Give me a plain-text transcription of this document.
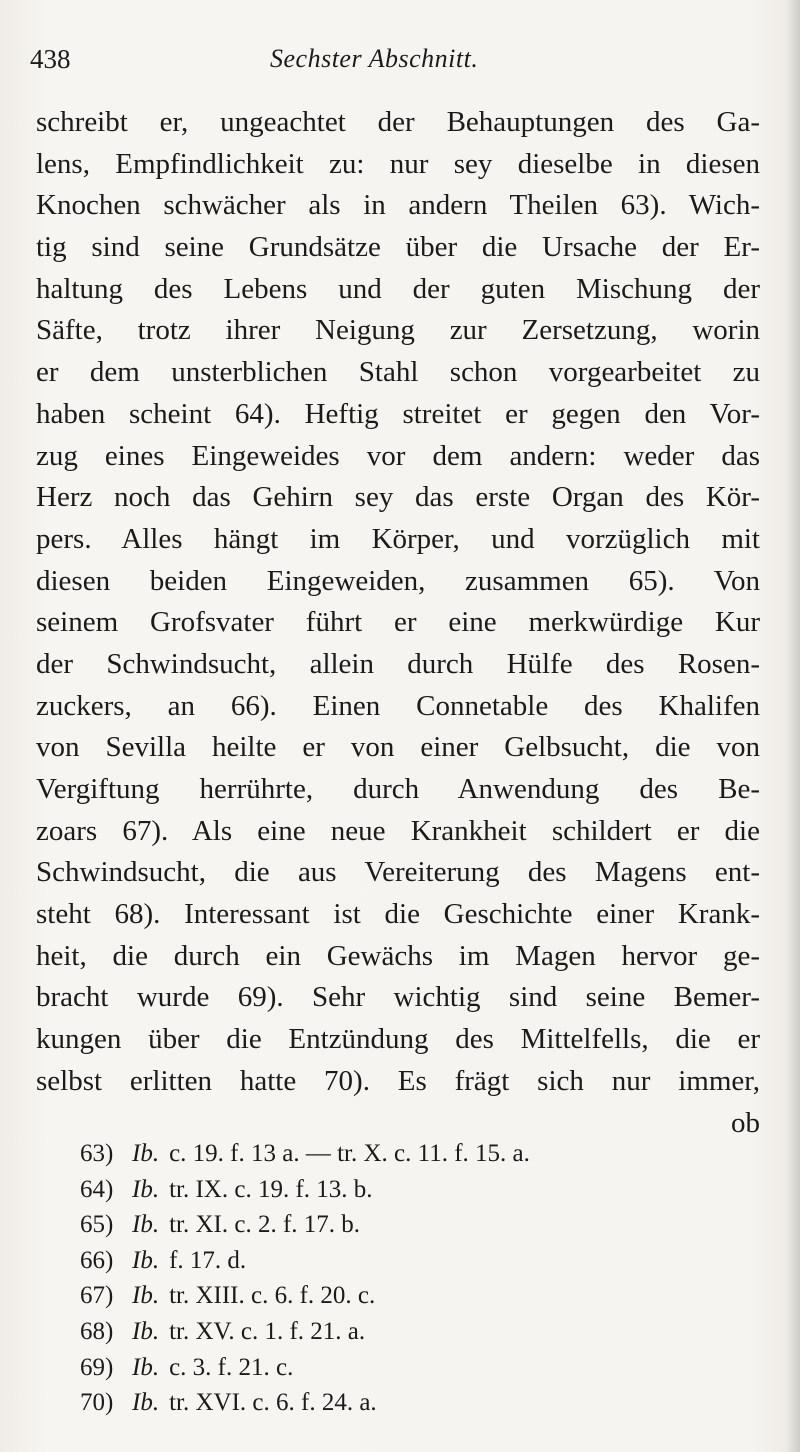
438	Sechster Abschnitt.
schreibt er, ungeachtet der Behauptungen des Ga-
lens, Empfindlichkeit zu: nur sey dieselbe in diesen
Knochen schwächer als in andern Theilen 63). Wich-
tig sind seine Grundsätze über die Ursache der Er-
haltung des Lebens und der guten Mischung der
Säfte, trotz ihrer Neigung zur Zersetzung, worin
er dem unsterblichen Stahl schon vorgearbeitet zu
haben scheint 64). Heftig streitet er gegen den Vor-
zug eines Eingeweides vor dem andern: weder das
Herz noch das Gehirn sey das erste Organ des Kör-
pers. Alles hängt im Körper, und vorzüglich mit
diesen beiden Eingeweiden, zusammen 65). Von
seinem Grofsvater führt er eine merkwürdige Kur
der Schwindsucht, allein durch Hülfe des Rosen-
zuckers, an 66). Einen Connetable des Khalifen
von Sevilla heilte er von einer Gelbsucht, die von
Vergiftung herrührte, durch Anwendung des Be-
zoars 67). Als eine neue Krankheit schildert er die
Schwindsucht, die aus Vereiterung des Magens ent-
steht 68). Interessant ist die Geschichte einer Krank-
heit, die durch ein Gewächs im Magen hervor ge-
bracht wurde 69). Sehr wichtig sind seine Bemer-
kungen über die Entzündung des Mittelfells, die er
selbst erlitten hatte 70). Es frägt sich nur immer,
ob
63) Ib. c. 19. f. 13 a. — tr. X. c. 11. f. 15. a.
64) Ib. tr. IX. c. 19. f. 13. b.
65) Ib. tr. XI. c. 2. f. 17. b.
66) Ib. f. 17. d.
67) Ib. tr. XIII. c. 6. f. 20. c.
68) Ib. tr. XV. c. 1. f. 21. a.
69) Ib. c. 3. f. 21. c.
70) Ib. tr. XVI. c. 6. f. 24. a.
